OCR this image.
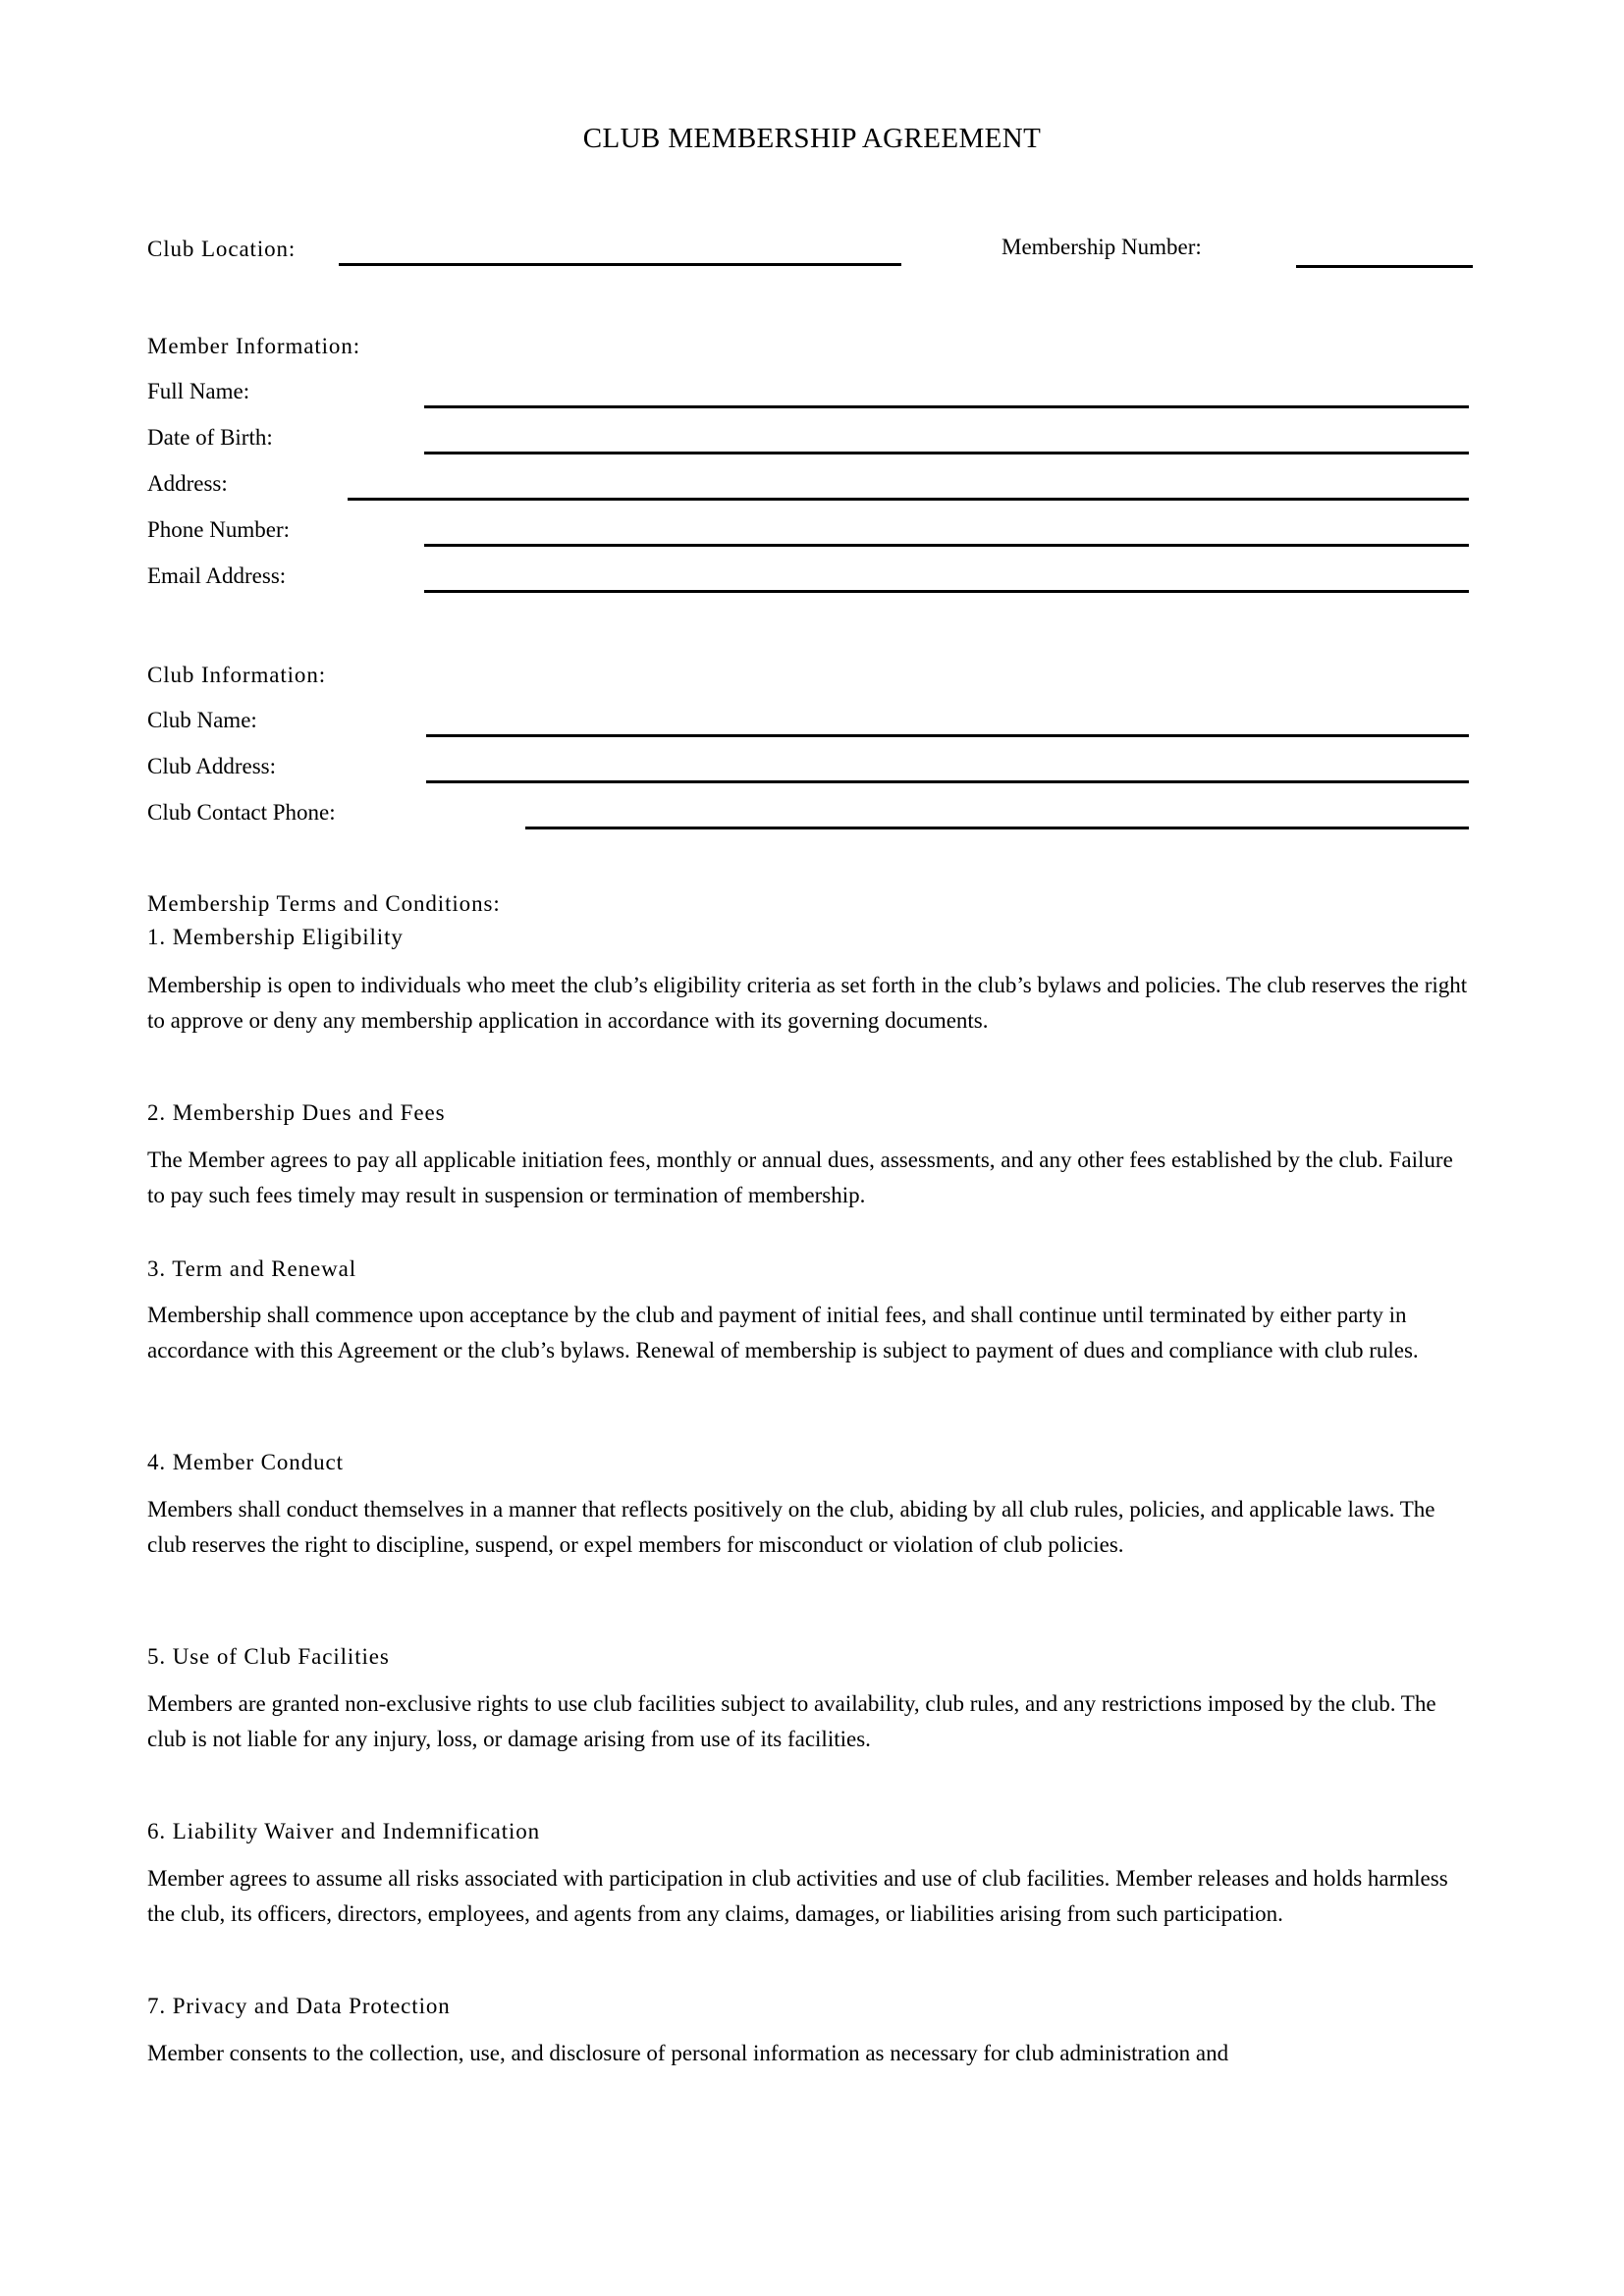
CLUB MEMBERSHIP AGREEMENT
Club Location:	Membership Number:
Member Information:
Full Name:
Date of Birth:
Address:
Phone Number:
Email Address:
Club Information:
Club Name:
Club Address:
Club Contact Phone:
Membership Terms and Conditions:
1. Membership Eligibility
Membership is open to individuals who meet the club’s eligibility criteria as set forth in the club’s bylaws and policies. The club reserves the right to approve or deny any membership application in accordance with its governing documents.
2. Membership Dues and Fees
The Member agrees to pay all applicable initiation fees, monthly or annual dues, assessments, and any other fees established by the club. Failure to pay such fees timely may result in suspension or termination of membership.
3. Term and Renewal
Membership shall commence upon acceptance by the club and payment of initial fees, and shall continue until terminated by either party in accordance with this Agreement or the club’s bylaws. Renewal of membership is subject to payment of dues and compliance with club rules.
4. Member Conduct
Members shall conduct themselves in a manner that reflects positively on the club, abiding by all club rules, policies, and applicable laws. The club reserves the right to discipline, suspend, or expel members for misconduct or violation of club policies.
5. Use of Club Facilities
Members are granted non-exclusive rights to use club facilities subject to availability, club rules, and any restrictions imposed by the club. The club is not liable for any injury, loss, or damage arising from use of its facilities.
6. Liability Waiver and Indemnification
Member agrees to assume all risks associated with participation in club activities and use of club facilities. Member releases and holds harmless the club, its officers, directors, employees, and agents from any claims, damages, or liabilities arising from such participation.
7. Privacy and Data Protection
Member consents to the collection, use, and disclosure of personal information as necessary for club administration and
